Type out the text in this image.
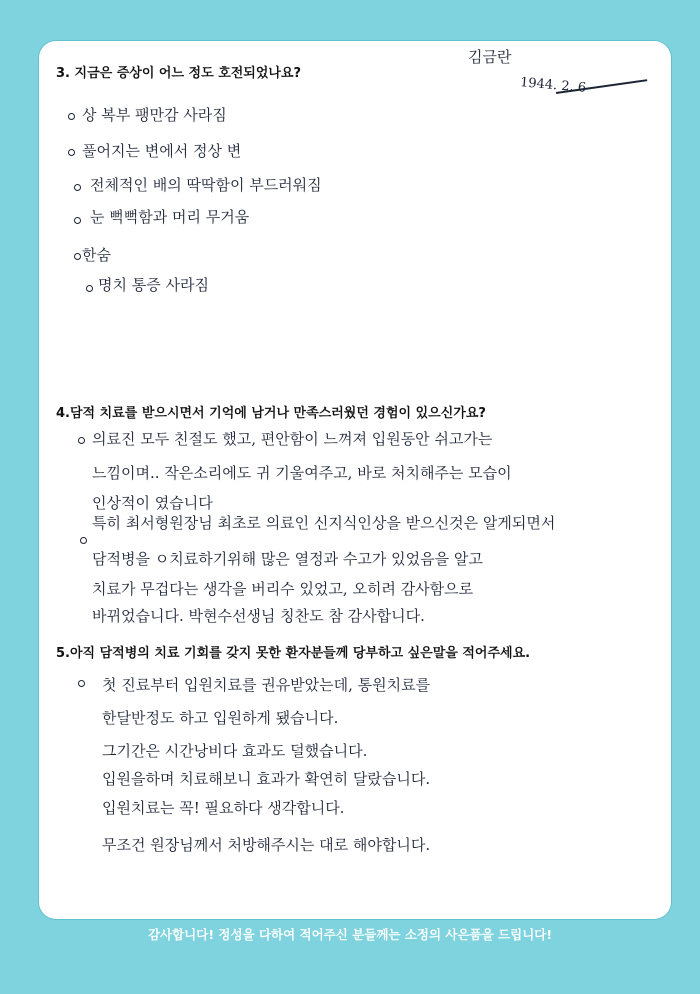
김금란
1944. 2. 6
3. 지금은 증상이 어느 정도 호전되었나요?
상 복부 팽만감 사라짐
풀어지는 변에서 정상 변
전체적인 배의 딱딱함이 부드러워짐
눈 뻑뻑함과 머리 무거움
한숨
명치 통증 사라짐
4.담적 치료를 받으시면서 기억에 남거나 만족스러웠던 경험이 있으신가요?
의료진 모두 친절도 했고, 편안함이 느껴져 입원동안 쉬고가는
느낌이며.. 작은소리에도 귀 기울여주고, 바로 처치해주는 모습이
인상적이 였습니다
특히 최서형원장님 최초로 의료인 신지식인상을 받으신것은 알게되면서
담적병을 ㅇ치료하기위해 많은 열정과 수고가 있었음을 알고
치료가 무겁다는 생각을 버리수 있었고, 오히려 감사함으로
바뀌었습니다. 박현수선생님 칭찬도 참 감사합니다.
5.아직 담적병의 치료 기회를 갖지 못한 환자분들께 당부하고 싶은말을 적어주세요.
첫 진료부터 입원치료를 권유받았는데, 통원치료를
한달반정도 하고 입원하게 됐습니다.
그기간은 시간낭비다 효과도 덜했습니다.
입원을하며 치료해보니 효과가 확연히 달랐습니다.
입원치료는 꼭! 필요하다 생각합니다.
무조건 원장님께서 처방해주시는 대로 해야합니다.
감사합니다! 정성을 다하여 적어주신 분들께는 소정의 사은품을 드립니다!
